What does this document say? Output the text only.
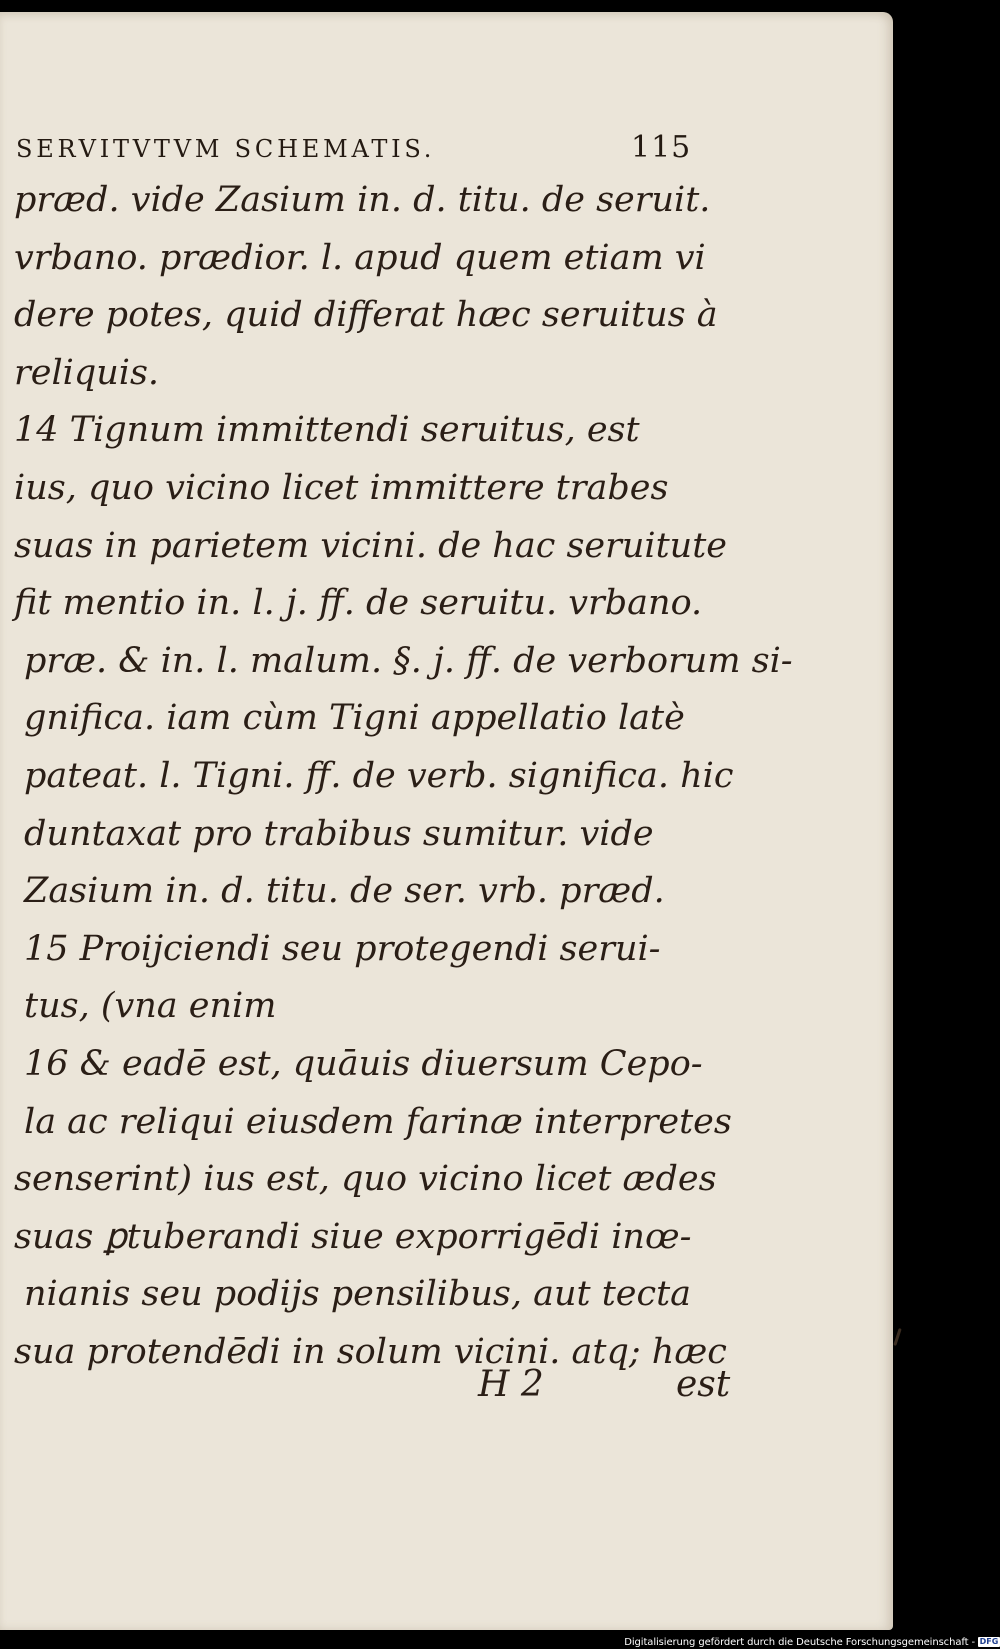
SERVITVTVM SCHEMATIS.	115
præd. vide Zasium in. d. titu. de seruit.
vrbano. prædior. l. apud quem etiam vi
dere potes, quid differat hæc seruitus à
reliquis.
14 Tignum immittendi seruitus, est
ius, quo vicino licet immittere trabes
suas in parietem vicini. de hac seruitute
fit mentio in. l. j. ff. de seruitu. vrbano.
præ. & in. l. malum. §. j. ff. de verborum si-
gnifica. iam cùm Tigni appellatio latè
pateat. l. Tigni. ff. de verb. significa. hic
duntaxat pro trabibus sumitur. vide
Zasium in. d. titu. de ser. vrb. præd.
15 Proijciendi seu protegendi serui-
tus, (vna enim
16 & eadē est, quāuis diuersum Cepo-
la ac reliqui eiusdem farinæ interpretes
senserint) ius est, quo vicino licet ædes
suas ꝑtuberandi siue exporrigēdi inœ-
nianis seu podijs pensilibus, aut tecta
sua protendēdi in solum vicini. atq; hæc
H 2	est
Digitalisierung gefördert durch die Deutsche Forschungsgemeinschaft - DFG
